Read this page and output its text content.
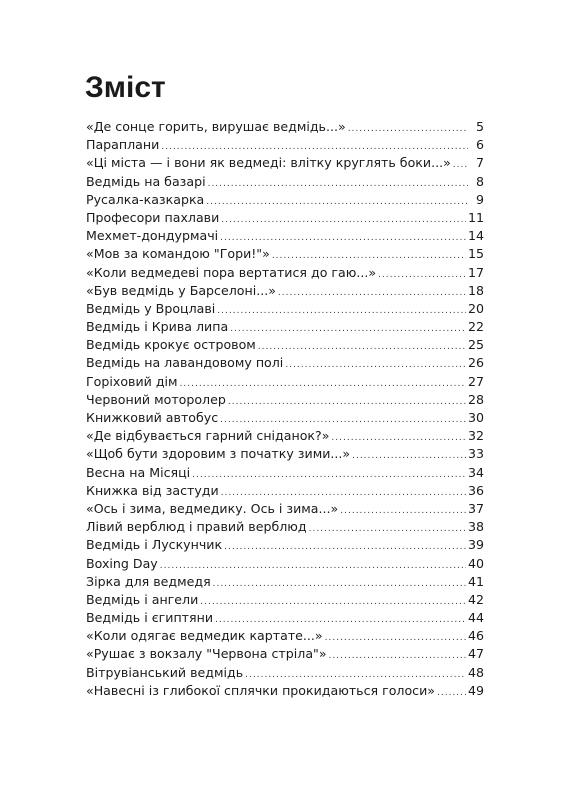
Зміст
«Де сонце горить, вирушає ведмідь...» .....	5
Параплани .....	6
«Ці міста — і вони як ведмеді: влітку круглять боки...» .....	7
Ведмідь на базарі .....	8
Русалка-казкарка .....	9
Професори пахлави .....	11
Мехмет-дондурмачі .....	14
«Мов за командою "Гори!"» .....	15
«Коли ведмедеві пора вертатися до гаю...» .....	17
«Був ведмідь у Барселоні...» .....	18
Ведмідь у Вроцлаві .....	20
Ведмідь і Крива липа .....	22
Ведмідь крокує островом .....	25
Ведмідь на лавандовому полі .....	26
Горіховий дім .....	27
Червоний моторолер .....	28
Книжковий автобус .....	30
«Де відбувається гарний сніданок?» .....	32
«Щоб бути здоровим з початку зими...» .....	33
Весна на Місяці .....	34
Книжка від застуди .....	36
«Ось і зима, ведмедику. Ось і зима...» .....	37
Лівий верблюд і правий верблюд .....	38
Ведмідь і Лускунчик .....	39
Boxing Day .....	40
Зірка для ведмедя .....	41
Ведмідь і ангели .....	42
Ведмідь і єгиптяни .....	44
«Коли одягає ведмедик картате...» .....	46
«Рушає з вокзалу "Червона стріла"» .....	47
Вітрувіанський ведмідь .....	48
«Навесні із глибокої сплячки прокидаються голоси» .....	49
